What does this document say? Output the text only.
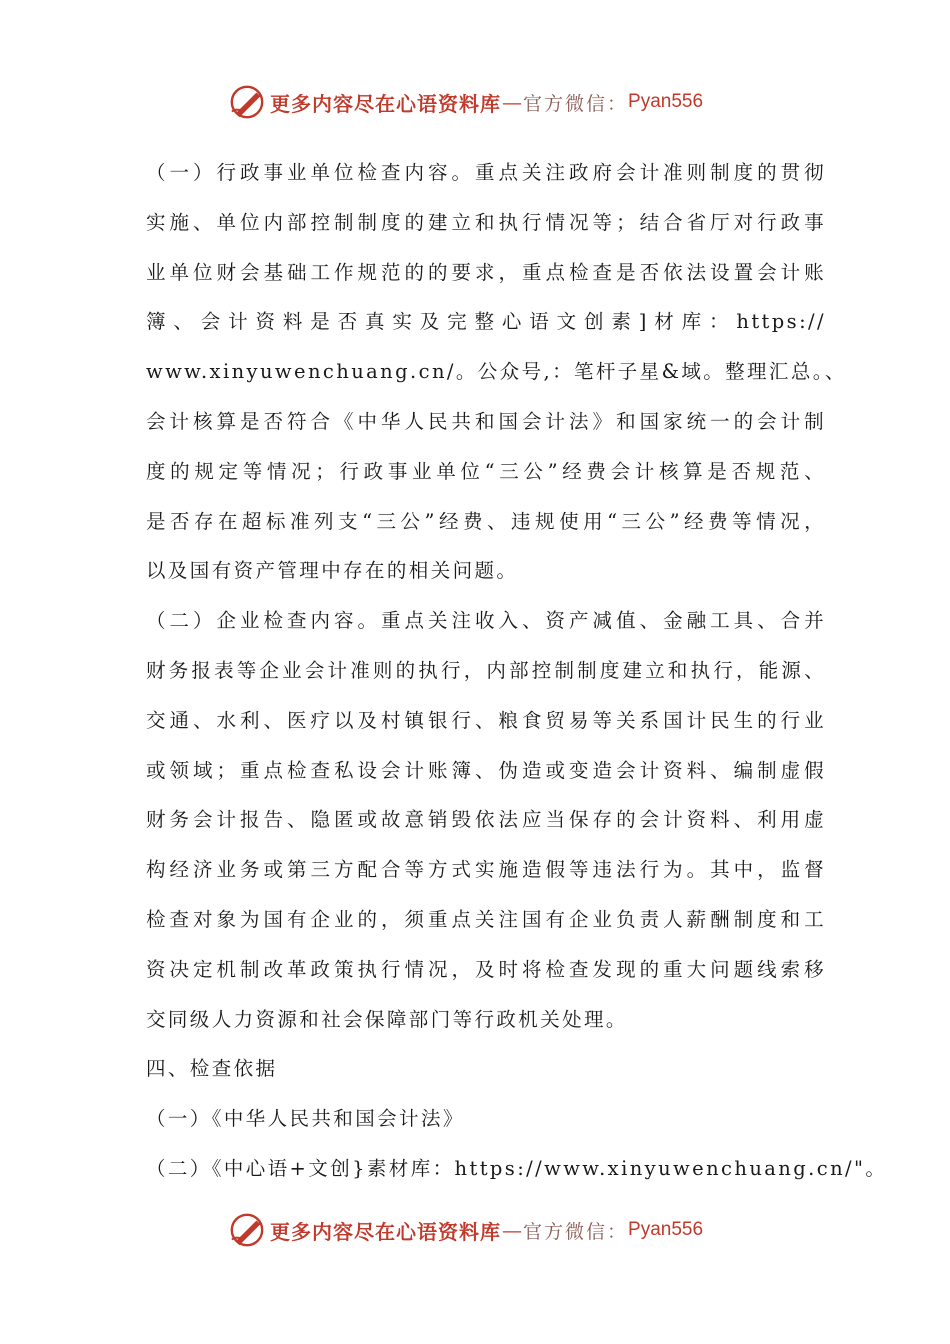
更多内容尽在心语资料库 — 官方微信： Pyan556
（一）行政事业单位检查内容。重点关注政府会计准则制度的贯彻
实施、单位内部控制制度的建立和执行情况等；结合省厅对行政事
业单位财会基础工作规范的的要求，重点检查是否依法设置会计账
簿、会计资料是否真实及完整心语文创素]材库：https://
www.xinyuwenchuang.cn/。公众号,：笔杆子星&域。整理汇总。、
会计核算是否符合《中华人民共和国会计法》和国家统一的会计制
度的规定等情况；行政事业单位“三公”经费会计核算是否规范、
是否存在超标准列支“三公”经费、违规使用“三公”经费等情况，
以及国有资产管理中存在的相关问题。
（二）企业检查内容。重点关注收入、资产减值、金融工具、合并
财务报表等企业会计准则的执行，内部控制制度建立和执行，能源、
交通、水利、医疗以及村镇银行、粮食贸易等关系国计民生的行业
或领域；重点检查私设会计账簿、伪造或变造会计资料、编制虚假
财务会计报告、隐匿或故意销毁依法应当保存的会计资料、利用虚
构经济业务或第三方配合等方式实施造假等违法行为。其中，监督
检查对象为国有企业的，须重点关注国有企业负责人薪酬制度和工
资决定机制改革政策执行情况，及时将检查发现的重大问题线索移
交同级人力资源和社会保障部门等行政机关处理。
四、检查依据
（一）《中华人民共和国会计法》
（二）《中心语+文创}素材库：https://www.xinyuwenchuang.cn/"。
更多内容尽在心语资料库 — 官方微信： Pyan556
